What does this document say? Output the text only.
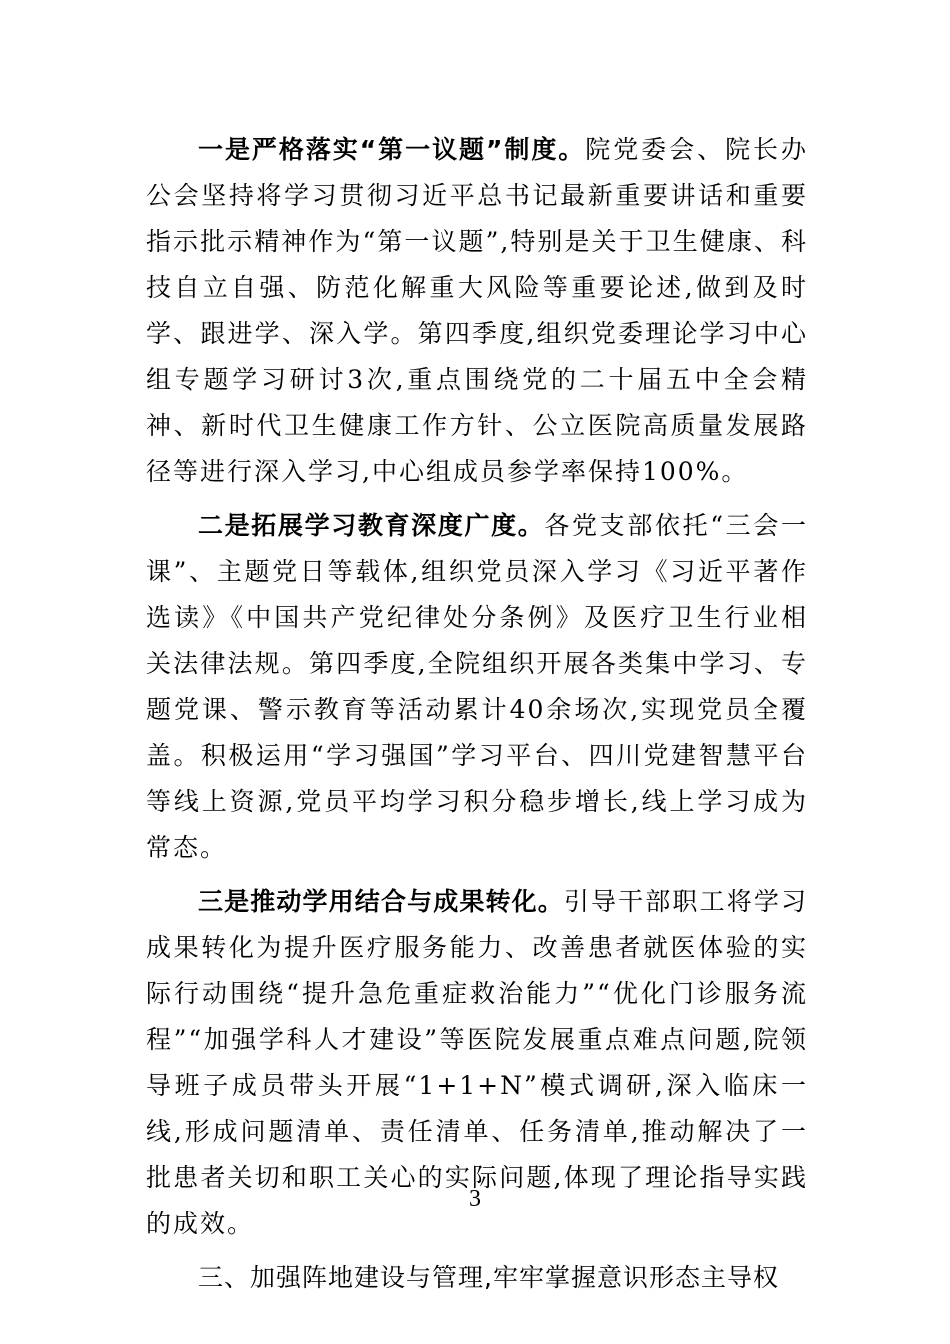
一是严格落实“第一议题”制度。院党委会、院长办公会坚持将学习贯彻习近平总书记最新重要讲话和重要指示批示精神作为“第一议题”,特别是关于卫生健康、科技自立自强、防范化解重大风险等重要论述,做到及时学、跟进学、深入学。第四季度,组织党委理论学习中心组专题学习研讨3次,重点围绕党的二十届五中全会精神、新时代卫生健康工作方针、公立医院高质量发展路径等进行深入学习,中心组成员参学率保持100%。

二是拓展学习教育深度广度。各党支部依托“三会一课”、主题党日等载体,组织党员深入学习《习近平著作选读》《中国共产党纪律处分条例》及医疗卫生行业相关法律法规。第四季度,全院组织开展各类集中学习、专题党课、警示教育等活动累计40余场次,实现党员全覆盖。积极运用“学习强国”学习平台、四川党建智慧平台等线上资源,党员平均学习积分稳步增长,线上学习成为常态。

三是推动学用结合与成果转化。引导干部职工将学习成果转化为提升医疗服务能力、改善患者就医体验的实际行动围绕“提升急危重症救治能力”“优化门诊服务流程”“加强学科人才建设”等医院发展重点难点问题,院领导班子成员带头开展“1+1+N”模式调研,深入临床一线,形成问题清单、责任清单、任务清单,推动解决了一批患者关切和职工关心的实际问题,体现了理论指导实践的成效。

三、加强阵地建设与管理,牢牢掌握意识形态主导权

3
